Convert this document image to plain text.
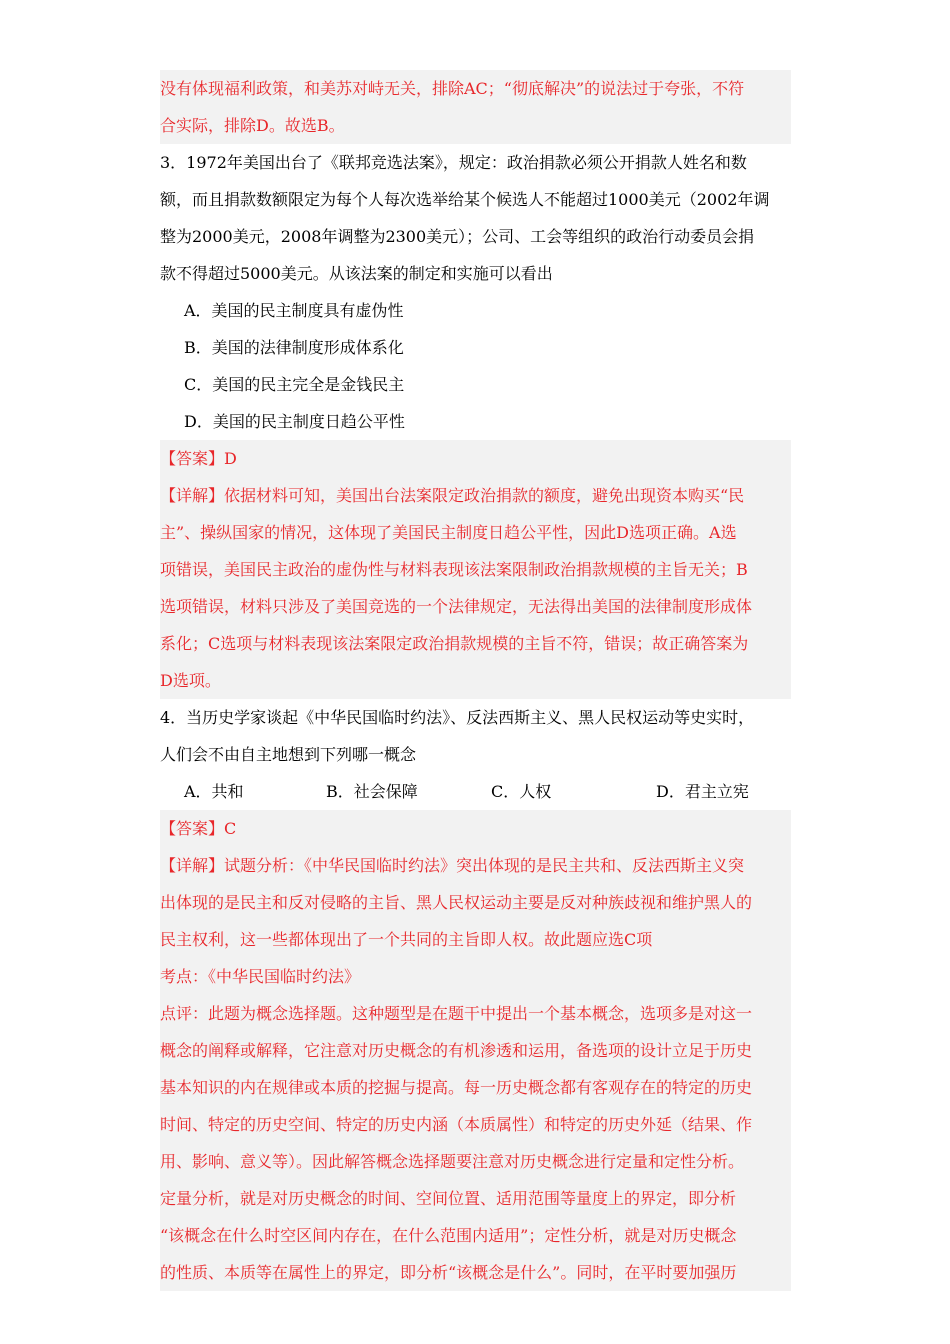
没有体现福利政策，和美苏对峙无关，排除AC；“彻底解决”的说法过于夸张，不符
合实际，排除D。故选B。
3．1972年美国出台了《联邦竞选法案》，规定：政治捐款必须公开捐款人姓名和数
额，而且捐款数额限定为每个人每次选举给某个候选人不能超过1000美元（2002年调
整为2000美元，2008年调整为2300美元）；公司、工会等组织的政治行动委员会捐
款不得超过5000美元。从该法案的制定和实施可以看出
A．美国的民主制度具有虚伪性
B．美国的法律制度形成体系化
C．美国的民主完全是金钱民主
D．美国的民主制度日趋公平性
【答案】D
【详解】依据材料可知，美国出台法案限定政治捐款的额度，避免出现资本购买“民
主”、操纵国家的情况，这体现了美国民主制度日趋公平性，因此D选项正确。A选
项错误，美国民主政治的虚伪性与材料表现该法案限制政治捐款规模的主旨无关；B
选项错误，材料只涉及了美国竞选的一个法律规定，无法得出美国的法律制度形成体
系化；C选项与材料表现该法案限定政治捐款规模的主旨不符，错误；故正确答案为
D选项。
4．当历史学家谈起《中华民国临时约法》、反法西斯主义、黑人民权运动等史实时，
人们会不由自主地想到下列哪一概念
A．共和	B．社会保障	C．人权	D．君主立宪
【答案】C
【详解】试题分析：《中华民国临时约法》突出体现的是民主共和、反法西斯主义突
出体现的是民主和反对侵略的主旨、黑人民权运动主要是反对种族歧视和维护黑人的
民主权利，这一些都体现出了一个共同的主旨即人权。故此题应选C项
考点：《中华民国临时约法》
点评：此题为概念选择题。这种题型是在题干中提出一个基本概念，选项多是对这一
概念的阐释或解释，它注意对历史概念的有机渗透和运用，备选项的设计立足于历史
基本知识的内在规律或本质的挖掘与提高。每一历史概念都有客观存在的特定的历史
时间、特定的历史空间、特定的历史内涵（本质属性）和特定的历史外延（结果、作
用、影响、意义等）。因此解答概念选择题要注意对历史概念进行定量和定性分析。
定量分析，就是对历史概念的时间、空间位置、适用范围等量度上的界定，即分析
“该概念在什么时空区间内存在，在什么范围内适用”；定性分析，就是对历史概念
的性质、本质等在属性上的界定，即分析“该概念是什么”。同时，在平时要加强历
